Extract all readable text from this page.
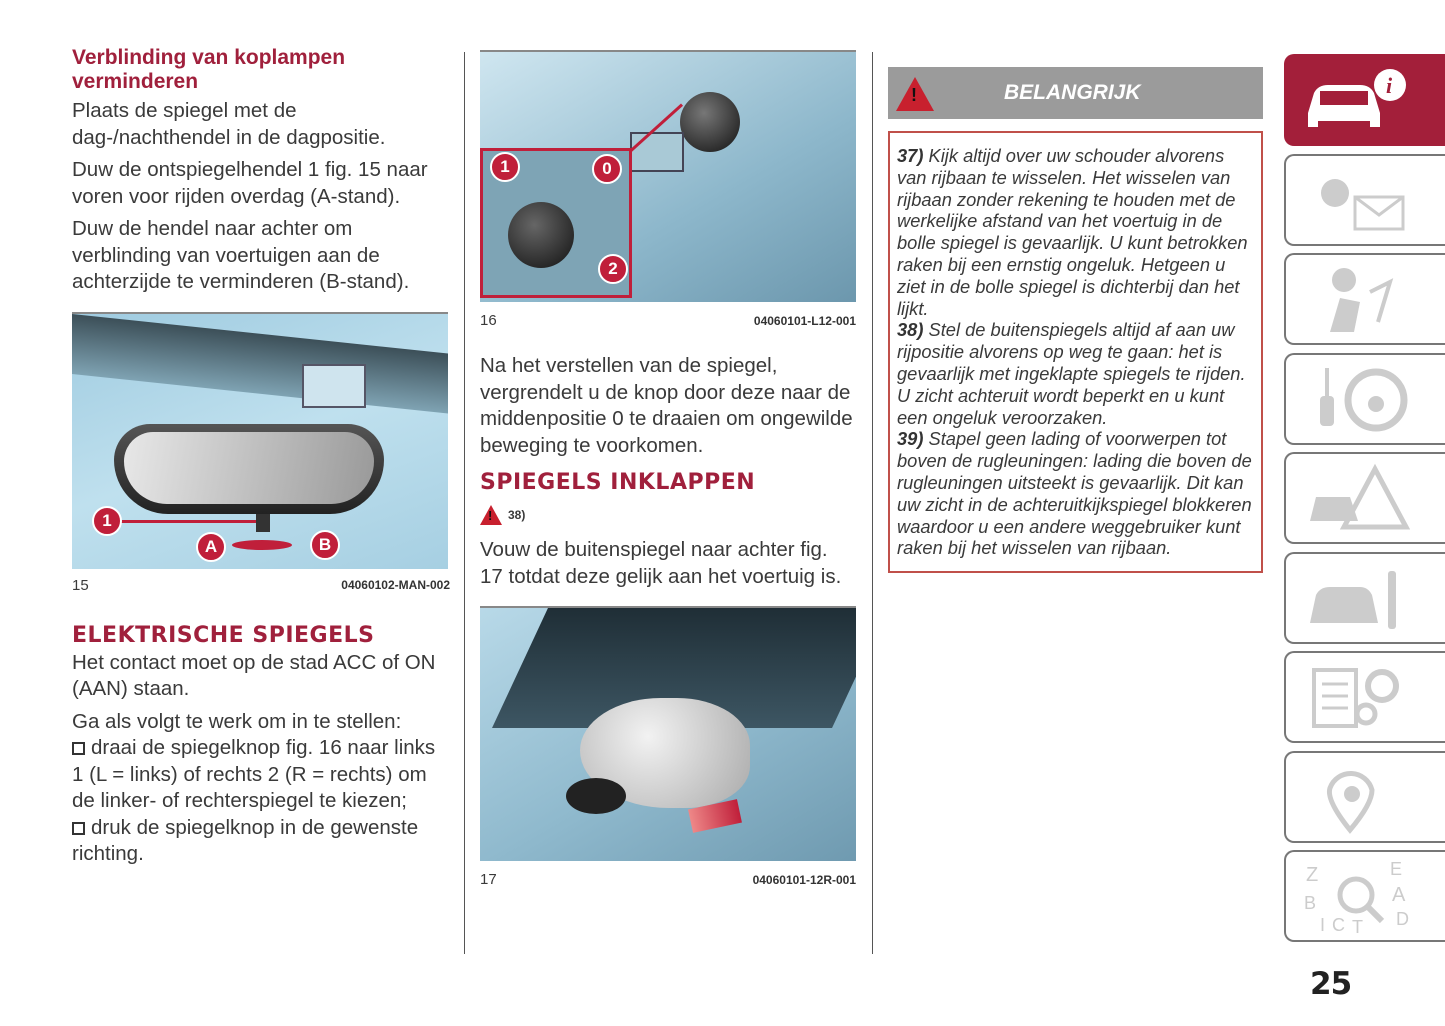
Verblinding van koplampen verminderen

Plaats de spiegel met de dag-/nachthendel in de dagpositie.

Duw de ontspiegelhendel 1 fig. 15 naar voren voor rijden overdag (A-stand).

Duw de hendel naar achter om verblinding van voertuigen aan de achterzijde te verminderen (B-stand).

1
A	B
15	04060102-MAN-002
ELEKTRISCHE SPIEGELS

Het contact moet op de stad ACC of ON (AAN) staan.

Ga als volgt te werk om in te stellen:

draai de spiegelknop fig. 16 naar links 1 (L = links) of rechts 2 (R = rechts) om de linker- of rechterspiegel te kiezen;

druk de spiegelknop in de gewenste richting.

1	0
2
16	04060101-L12-001

Na het verstellen van de spiegel, vergrendelt u de knop door deze naar de middenpositie 0 te draaien om ongewilde beweging te voorkomen.

SPIEGELS INKLAPPEN
!
38)

Vouw de buitenspiegel naar achter fig. 17 totdat deze gelijk aan het voertuig is.

17	04060101-12R-001
!
BELANGRIJK

37) Kijk altijd over uw schouder alvorens van rijbaan te wisselen. Het wisselen van rijbaan zonder rekening te houden met de werkelijke afstand van het voertuig in de bolle spiegel is gevaarlijk. U kunt betrokken raken bij een ernstig ongeluk. Hetgeen u ziet in de bolle spiegel is dichterbij dan het lijkt.

38) Stel de buitenspiegels altijd af aan uw rijpositie alvorens op weg te gaan: het is gevaarlijk met ingeklapte spiegels te rijden. U zicht achteruit wordt beperkt en u kunt een ongeluk veroorzaken.

39) Stapel geen lading of voorwerpen tot boven de rugleuningen: lading die boven de rugleuningen uitsteekt is gevaarlijk. Dit kan uw zicht in de achteruitkijkspiegel blokkeren waardoor u een andere weggebruiker kunt raken bij het wisselen van rijbaan.

i
Z	E
A
B
C T
I	D
25
